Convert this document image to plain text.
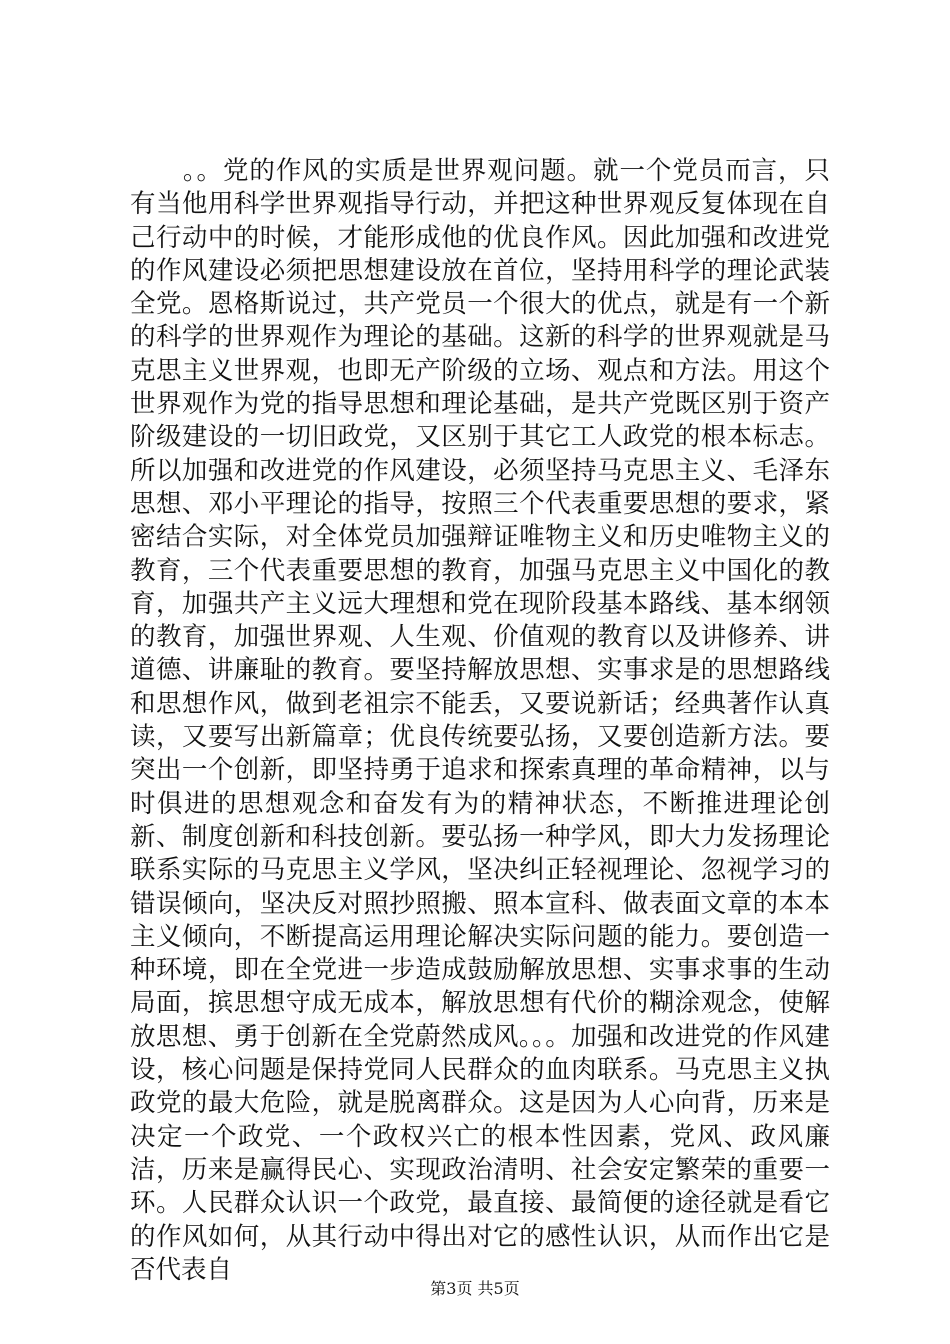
　　。。党的作风的实质是世界观问题。就一个党员而言，只有当他用科学世界观指导行动，并把这种世界观反复体现在自己行动中的时候，才能形成他的优良作风。因此加强和改进党的作风建设必须把思想建设放在首位，坚持用科学的理论武装全党。恩格斯说过，共产党员一个很大的优点，就是有一个新的科学的世界观作为理论的基础。这新的科学的世界观就是马克思主义世界观，也即无产阶级的立场、观点和方法。用这个世界观作为党的指导思想和理论基础，是共产党既区别于资产阶级建设的一切旧政党，又区别于其它工人政党的根本标志。所以加强和改进党的作风建设，必须坚持马克思主义、毛泽东思想、邓小平理论的指导，按照三个代表重要思想的要求，紧密结合实际，对全体党员加强辩证唯物主义和历史唯物主义的教育，三个代表重要思想的教育，加强马克思主义中国化的教育，加强共产主义远大理想和党在现阶段基本路线、基本纲领的教育，加强世界观、人生观、价值观的教育以及讲修养、讲道德、讲廉耻的教育。要坚持解放思想、实事求是的思想路线和思想作风，做到老祖宗不能丢，又要说新话；经典著作认真读，又要写出新篇章；优良传统要弘扬，又要创造新方法。要突出一个创新，即坚持勇于追求和探索真理的革命精神，以与时俱进的思想观念和奋发有为的精神状态，不断推进理论创新、制度创新和科技创新。要弘扬一种学风，即大力发扬理论联系实际的马克思主义学风，坚决纠正轻视理论、忽视学习的错误倾向，坚决反对照抄照搬、照本宣科、做表面文章的本本主义倾向，不断提高运用理论解决实际问题的能力。要创造一种环境，即在全党进一步造成鼓励解放思想、实事求事的生动局面，摈思想守成无成本，解放思想有代价的糊涂观念，使解放思想、勇于创新在全党蔚然成风。。。加强和改进党的作风建设，核心问题是保持党同人民群众的血肉联系。马克思主义执政党的最大危险，就是脱离群众。这是因为人心向背，历来是决定一个政党、一个政权兴亡的根本性因素，党风、政风廉洁，历来是赢得民心、实现政治清明、社会安定繁荣的重要一环。人民群众认识一个政党，最直接、最简便的途径就是看它的作风如何，从其行动中得出对它的感性认识，从而作出它是否代表自

第3页 共5页
